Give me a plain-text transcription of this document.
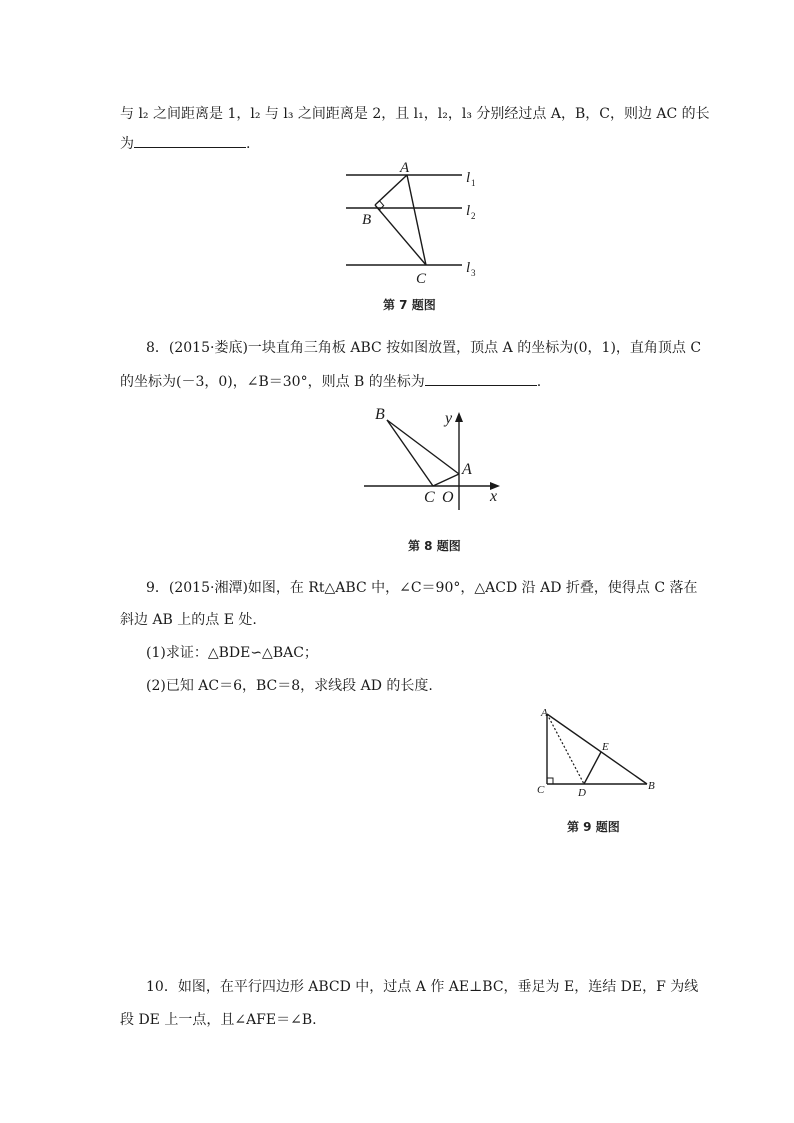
与 l₂ 之间距离是 1，l₂ 与 l₃ 之间距离是 2，且 l₁，l₂，l₃ 分别经过点 A，B，C，则边 AC 的长
为	.
A
B
C
l 1
l 2
l 3
第 7 题图
8．(2015·娄底)一块直角三角板 ABC 按如图放置，顶点 A 的坐标为(0，1)，直角顶点 C
的坐标为(－3，0)，∠B＝30°，则点 B 的坐标为	.
B	y
A
C O x
第 8 题图
9．(2015·湘潭)如图，在 Rt△ABC 中，∠C＝90°，△ACD 沿 AD 折叠，使得点 C 落在
斜边 AB 上的点 E 处.
(1)求证：△BDE∽△BAC；
(2)已知 AC＝6，BC＝8，求线段 AD 的长度.
A
E
C	D
B
第 9 题图
10．如图，在平行四边形 ABCD 中，过点 A 作 AE⊥BC，垂足为 E，连结 DE，F 为线
段 DE 上一点，且∠AFE＝∠B.
